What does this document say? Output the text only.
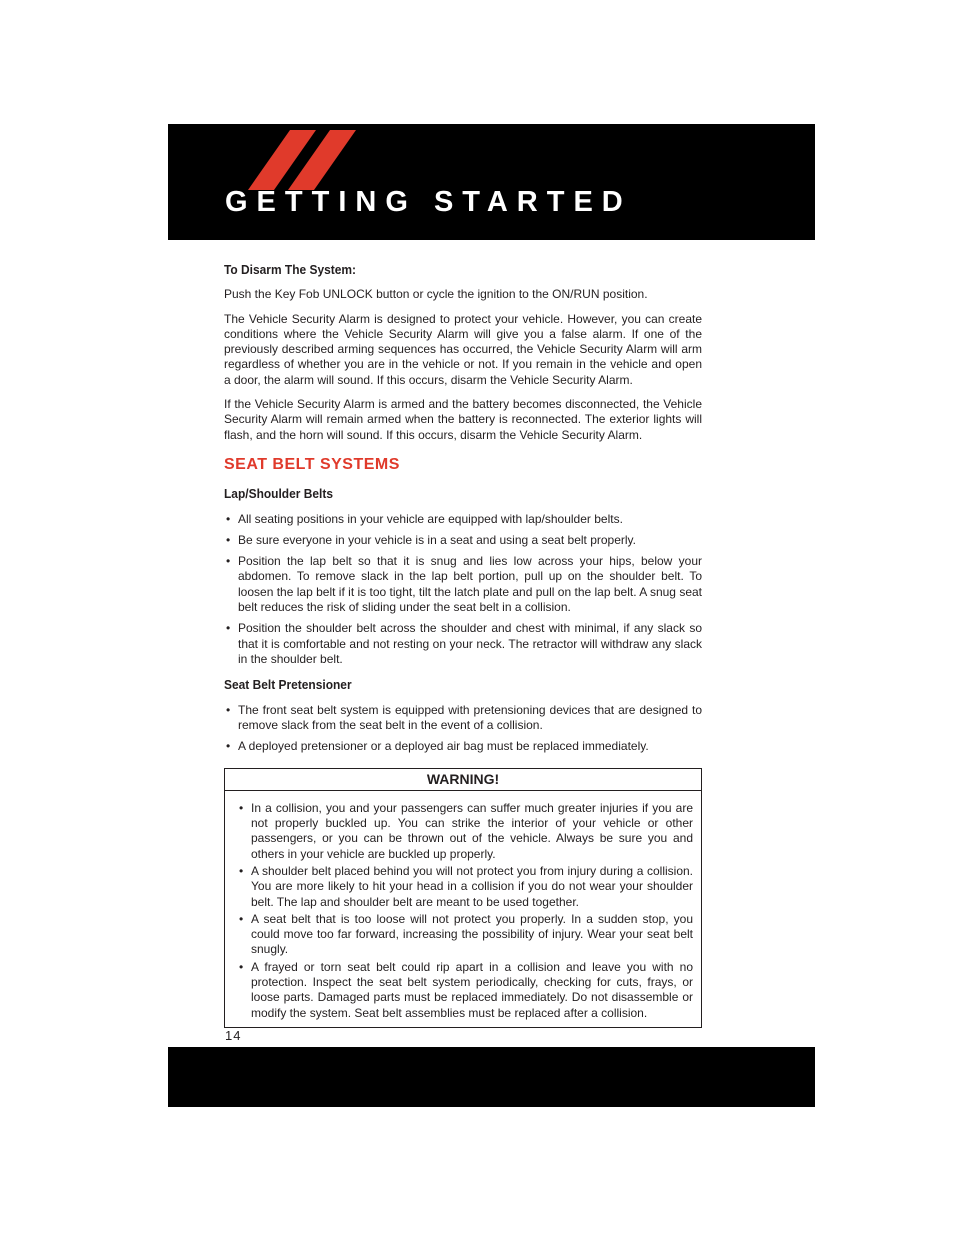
GETTING STARTED
To Disarm The System:

Push the Key Fob UNLOCK button or cycle the ignition to the ON/RUN position.

The Vehicle Security Alarm is designed to protect your vehicle. However, you can create conditions where the Vehicle Security Alarm will give you a false alarm. If one of the previously described arming sequences has occurred, the Vehicle Security Alarm will arm regardless of whether you are in the vehicle or not. If you remain in the vehicle and open a door, the alarm will sound. If this occurs, disarm the Vehicle Security Alarm.

If the Vehicle Security Alarm is armed and the battery becomes disconnected, the Vehicle Security Alarm will remain armed when the battery is reconnected. The exterior lights will flash, and the horn will sound. If this occurs, disarm the Vehicle Security Alarm.

SEAT BELT SYSTEMS
Lap/Shoulder Belts
• All seating positions in your vehicle are equipped with lap/shoulder belts.
• Be sure everyone in your vehicle is in a seat and using a seat belt properly.
• Position the lap belt so that it is snug and lies low across your hips, below your abdomen. To remove slack in the lap belt portion, pull up on the shoulder belt. To loosen the lap belt if it is too tight, tilt the latch plate and pull on the lap belt. A snug seat belt reduces the risk of sliding under the seat belt in a collision.
• Position the shoulder belt across the shoulder and chest with minimal, if any slack so that it is comfortable and not resting on your neck. The retractor will withdraw any slack in the shoulder belt.
Seat Belt Pretensioner
• The front seat belt system is equipped with pretensioning devices that are designed to remove slack from the seat belt in the event of a collision.
• A deployed pretensioner or a deployed air bag must be replaced immediately.
WARNING!
• In a collision, you and your passengers can suffer much greater injuries if you are not properly buckled up. You can strike the interior of your vehicle or other passengers, or you can be thrown out of the vehicle. Always be sure you and others in your vehicle are buckled up properly.
• A shoulder belt placed behind you will not protect you from injury during a collision. You are more likely to hit your head in a collision if you do not wear your shoulder belt. The lap and shoulder belt are meant to be used together.
• A seat belt that is too loose will not protect you properly. In a sudden stop, you could move too far forward, increasing the possibility of injury. Wear your seat belt snugly.
• A frayed or torn seat belt could rip apart in a collision and leave you with no protection. Inspect the seat belt system periodically, checking for cuts, frays, or loose parts. Damaged parts must be replaced immediately. Do not disassemble or modify the system. Seat belt assemblies must be replaced after a collision.
14
